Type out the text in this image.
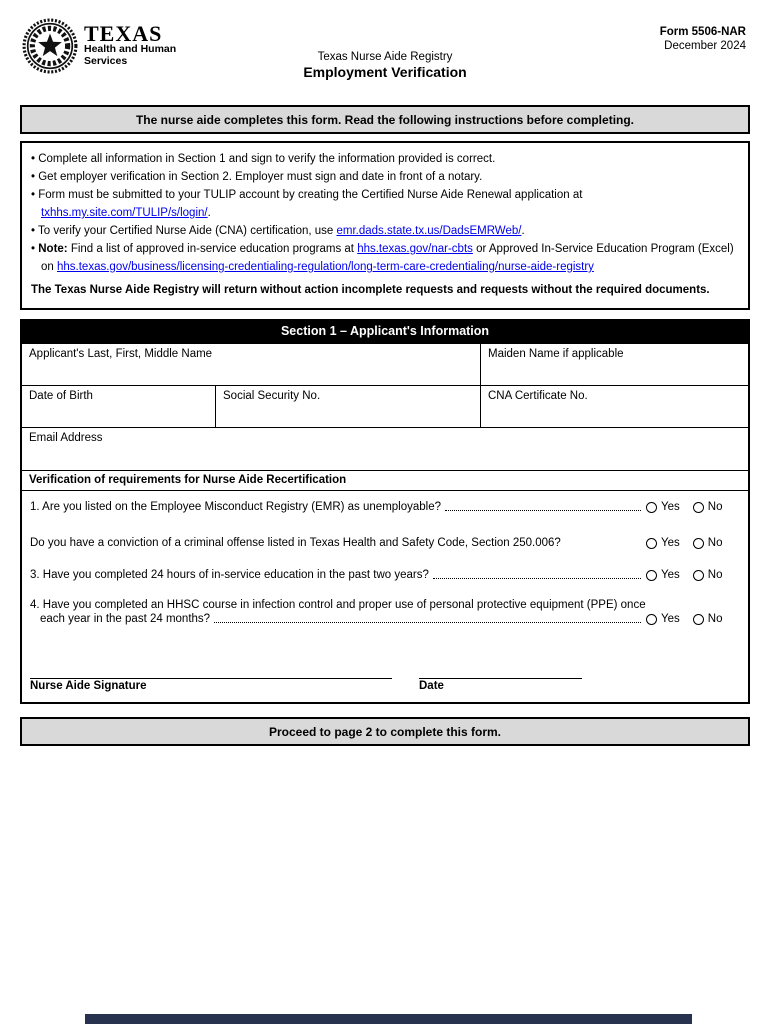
TEXAS
Health and Human
Services	Texas Nurse Aide Registry
Employment Verification
Form 5506-NAR
December 2024
The nurse aide completes this form. Read the following instructions before completing.
• Complete all information in Section 1 and sign to verify the information provided is correct.
• Get employer verification in Section 2. Employer must sign and date in front of a notary.
• Form must be submitted to your TULIP account by creating the Certified Nurse Aide Renewal application at txhhs.my.site.com/TULIP/s/login/.
• To verify your Certified Nurse Aide (CNA) certification, use emr.dads.state.tx.us/DadsEMRWeb/.
• Note: Find a list of approved in-service education programs at hhs.texas.gov/nar-cbts or Approved In-Service Education Program (Excel) on hhs.texas.gov/business/licensing-credentialing-regulation/long-term-care-credentialing/nurse-aide-registry
The Texas Nurse Aide Registry will return without action incomplete requests and requests without the required documents.
Section 1 – Applicant's Information
Applicant's Last, First, Middle Name	Maiden Name if applicable
Date of Birth	Social Security No.	CNA Certificate No.
Email Address
Verification of requirements for Nurse Aide Recertification
1. Are you listed on the Employee Misconduct Registry (EMR) as unemployable?	Yes No
Do you have a conviction of a criminal offense listed in Texas Health and Safety Code, Section 250.006?	Yes No
3. Have you completed 24 hours of in-service education in the past two years?	Yes No
4. Have you completed an HHSC course in infection control and proper use of personal protective equipment (PPE) once
each year in the past 24 months?	Yes No
Nurse Aide Signature	Date
Proceed to page 2 to complete this form.
